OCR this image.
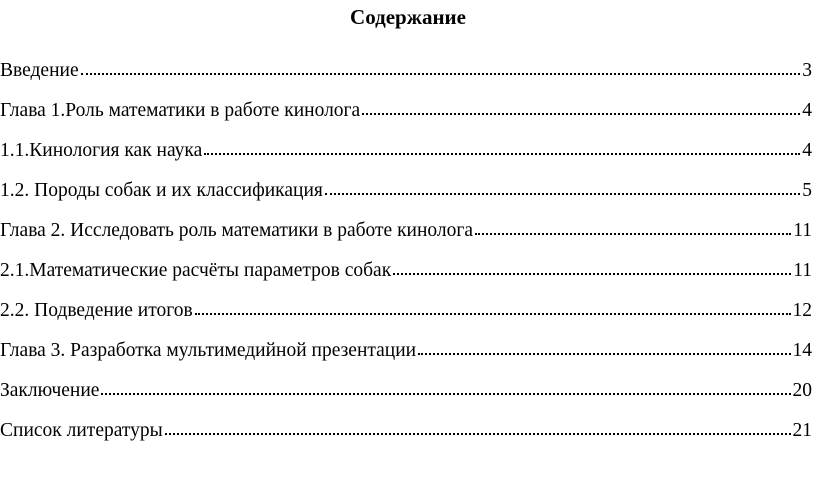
Содержание
Введение	3
Глава 1.Роль математики в работе кинолога	4
1.1.Кинология как наука	4
1.2. Породы собак и их классификация	5
Глава 2. Исследовать роль математики в работе кинолога	11
2.1.Математические расчёты параметров собак	11
2.2. Подведение итогов	12
Глава 3. Разработка мультимедийной презентации	14
Заключение	20
Список литературы	21
